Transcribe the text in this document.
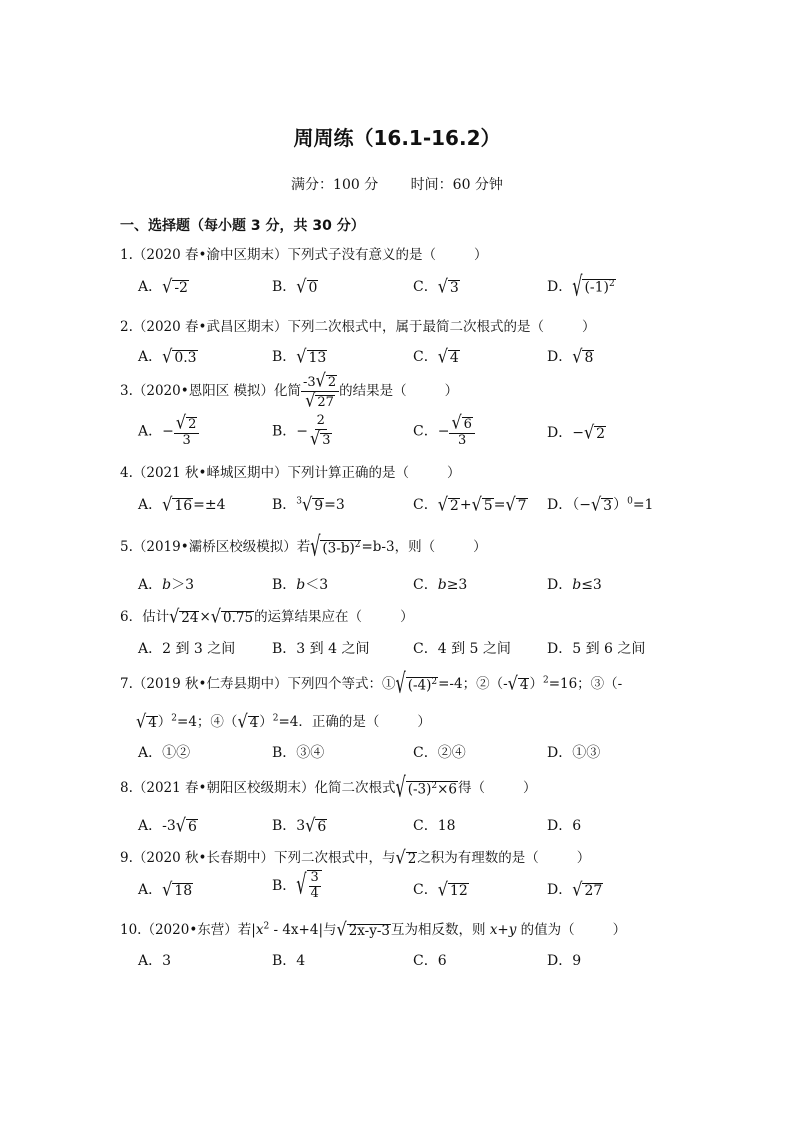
周周练（16.1-16.2）
满分：100 分 时间：60 分钟
一、选择题（每小题 3 分，共 30 分）
1.（2020 春•渝中区期末）下列式子没有意义的是（	）
A．√ -2	B．√ 0	C．√ 3	D．√ $(-1)^2$
2.（2020 春•武昌区期末）下列二次根式中，属于最简二次根式的是（	）
A．√ 0.3	B．√ 13	C．√ 4	D．√ 8
3.（2020•恩阳区 模拟）化简 $\frac{-3√ 2}{√ 27}$ 的结果是（	）
A．− $\frac{√ 2}{3}$	B．− $\frac{2}{√ 3}$	C．− $\frac{√ 6}{3}$	D．−√ 2
4.（2021 秋•峄城区期中）下列计算正确的是（	）
A．√ 16=±4	B．$^3$√ 9=3	C．√ 2+√ 5=√ 7 D．（−√ 3）$^0$=1
5.（2019•灞桥区校级模拟）若√ $(3-b)^2=b-3$，则（	）
A．b＞3	B．b＜3	C．b≥3	D．b≤3
6．估计√ 24×√ 0.75的运算结果应在（	）
A．2 到 3 之间	B．3 到 4 之间	C．4 到 5 之间	D．5 到 6 之间
7.（2019 秋•仁寿县期中）下列四个等式：①√ $(-4)^2=-4$；②（-√ 4）$^2$=16；③（-
√ 4）$^2$=4；④（√ 4）$^2$=4．正确的是（	）
A．①②	B．③④	C．②④	D．①③
8.（2021 春•朝阳区校级期末）化简二次根式√ $(-3)^2\times 6$得（	）
A．-3√ 6	B．3√ 6	C．18	D．6
9.（2020 秋•长春期中）下列二次根式中，与√ 2之积为有理数的是（	）
A．√ 18	B．√ $\frac{3}{4}$	C．√ 12	D．√ 27
10.（2020•东营）若$|x^2 - 4x+4|$与√ 2x-y-3互为相反数，则 x+y 的值为（	）
A．3	B．4	C．6	D．9
